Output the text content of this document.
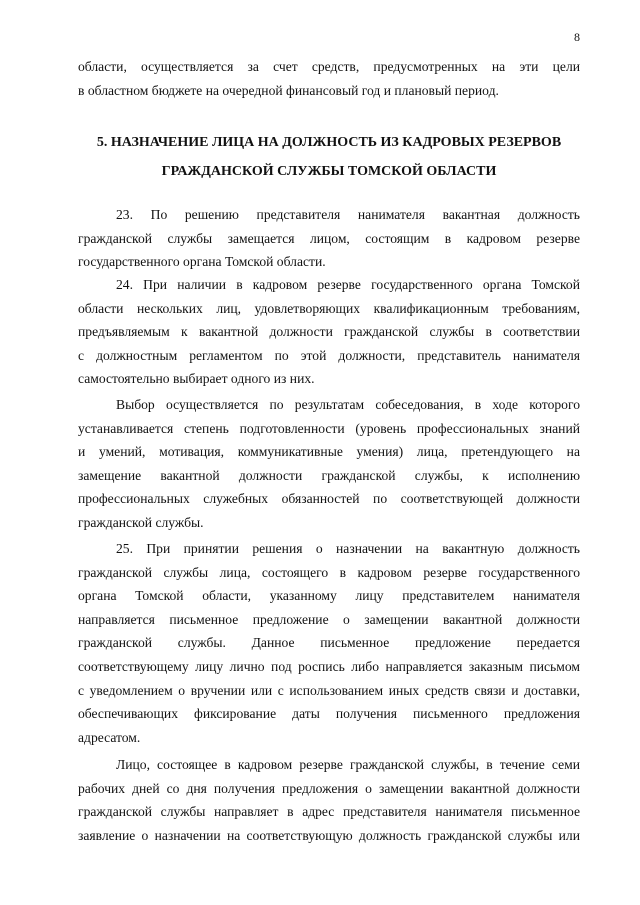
8
области, осуществляется за счет средств, предусмотренных на эти цели
в областном бюджете на очередной финансовый год и плановый период.
5. НАЗНАЧЕНИЕ ЛИЦА НА ДОЛЖНОСТЬ ИЗ КАДРОВЫХ РЕЗЕРВОВ
ГРАЖДАНСКОЙ СЛУЖБЫ ТОМСКОЙ ОБЛАСТИ
23. По решению представителя нанимателя вакантная должность
гражданской службы замещается лицом, состоящим в кадровом резерве
государственного органа Томской области.
24. При наличии в кадровом резерве государственного органа Томской
области нескольких лиц, удовлетворяющих квалификационным требованиям,
предъявляемым к вакантной должности гражданской службы в соответствии
с должностным регламентом по этой должности, представитель нанимателя
самостоятельно выбирает одного из них.
Выбор осуществляется по результатам собеседования, в ходе которого
устанавливается степень подготовленности (уровень профессиональных знаний
и умений, мотивация, коммуникативные умения) лица, претендующего на
замещение вакантной должности гражданской службы, к исполнению
профессиональных служебных обязанностей по соответствующей должности
гражданской службы.
25. При принятии решения о назначении на вакантную должность
гражданской службы лица, состоящего в кадровом резерве государственного
органа Томской области, указанному лицу представителем нанимателя
направляется письменное предложение о замещении вакантной должности
гражданской службы. Данное письменное предложение передается
соответствующему лицу лично под роспись либо направляется заказным письмом
с уведомлением о вручении или с использованием иных средств связи и доставки,
обеспечивающих фиксирование даты получения письменного предложения
адресатом.
Лицо, состоящее в кадровом резерве гражданской службы, в течение семи
рабочих дней со дня получения предложения о замещении вакантной должности
гражданской службы направляет в адрес представителя нанимателя письменное
заявление о назначении на соответствующую должность гражданской службы или
